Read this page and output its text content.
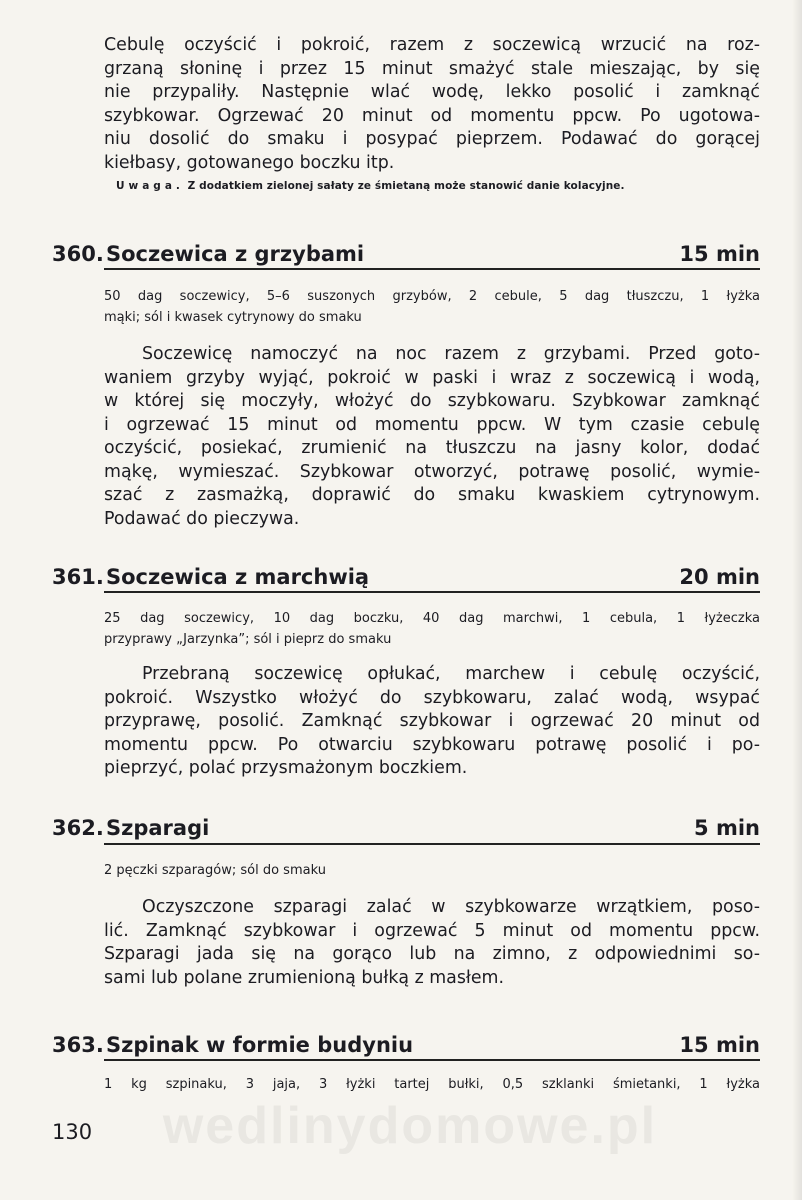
Cebulę oczyścić i pokroić, razem z soczewicą wrzucić na roz-
grzaną słoninę i przez 15 minut smażyć stale mieszając, by się
nie przypaliły. Następnie wlać wodę, lekko posolić i zamknąć
szybkowar. Ogrzewać 20 minut od momentu ppcw. Po ugotowa-
niu dosolić do smaku i posypać pieprzem. Podawać do gorącej
kiełbasy, gotowanego boczku itp.
Uwaga. Z dodatkiem zielonej sałaty ze śmietaną może stanowić danie kolacyjne.
360. Soczewica z grzybami	15 min
50 dag soczewicy, 5–6 suszonych grzybów, 2 cebule, 5 dag tłuszczu, 1 łyżka
mąki; sól i kwasek cytrynowy do smaku
Soczewicę namoczyć na noc razem z grzybami. Przed goto-
waniem grzyby wyjąć, pokroić w paski i wraz z soczewicą i wodą,
w której się moczyły, włożyć do szybkowaru. Szybkowar zamknąć
i ogrzewać 15 minut od momentu ppcw. W tym czasie cebulę
oczyścić, posiekać, zrumienić na tłuszczu na jasny kolor, dodać
mąkę, wymieszać. Szybkowar otworzyć, potrawę posolić, wymie-
szać z zasmażką, doprawić do smaku kwaskiem cytrynowym.
Podawać do pieczywa.
361. Soczewica z marchwią	20 min
25 dag soczewicy, 10 dag boczku, 40 dag marchwi, 1 cebula, 1 łyżeczka
przyprawy „Jarzynka”; sól i pieprz do smaku
Przebraną soczewicę opłukać, marchew i cebulę oczyścić,
pokroić. Wszystko włożyć do szybkowaru, zalać wodą, wsypać
przyprawę, posolić. Zamknąć szybkowar i ogrzewać 20 minut od
momentu ppcw. Po otwarciu szybkowaru potrawę posolić i po-
pieprzyć, polać przysmażonym boczkiem.
362. Szparagi	5 min
2 pęczki szparagów; sól do smaku
Oczyszczone szparagi zalać w szybkowarze wrzątkiem, poso-
lić. Zamknąć szybkowar i ogrzewać 5 minut od momentu ppcw.
Szparagi jada się na gorąco lub na zimno, z odpowiednimi so-
sami lub polane zrumienioną bułką z masłem.
363. Szpinak w formie budyniu	15 min
1 kg szpinaku, 3 jaja, 3 łyżki tartej bułki, 0,5 szklanki śmietanki, 1 łyżka
wedlinydomowe.pl
130
